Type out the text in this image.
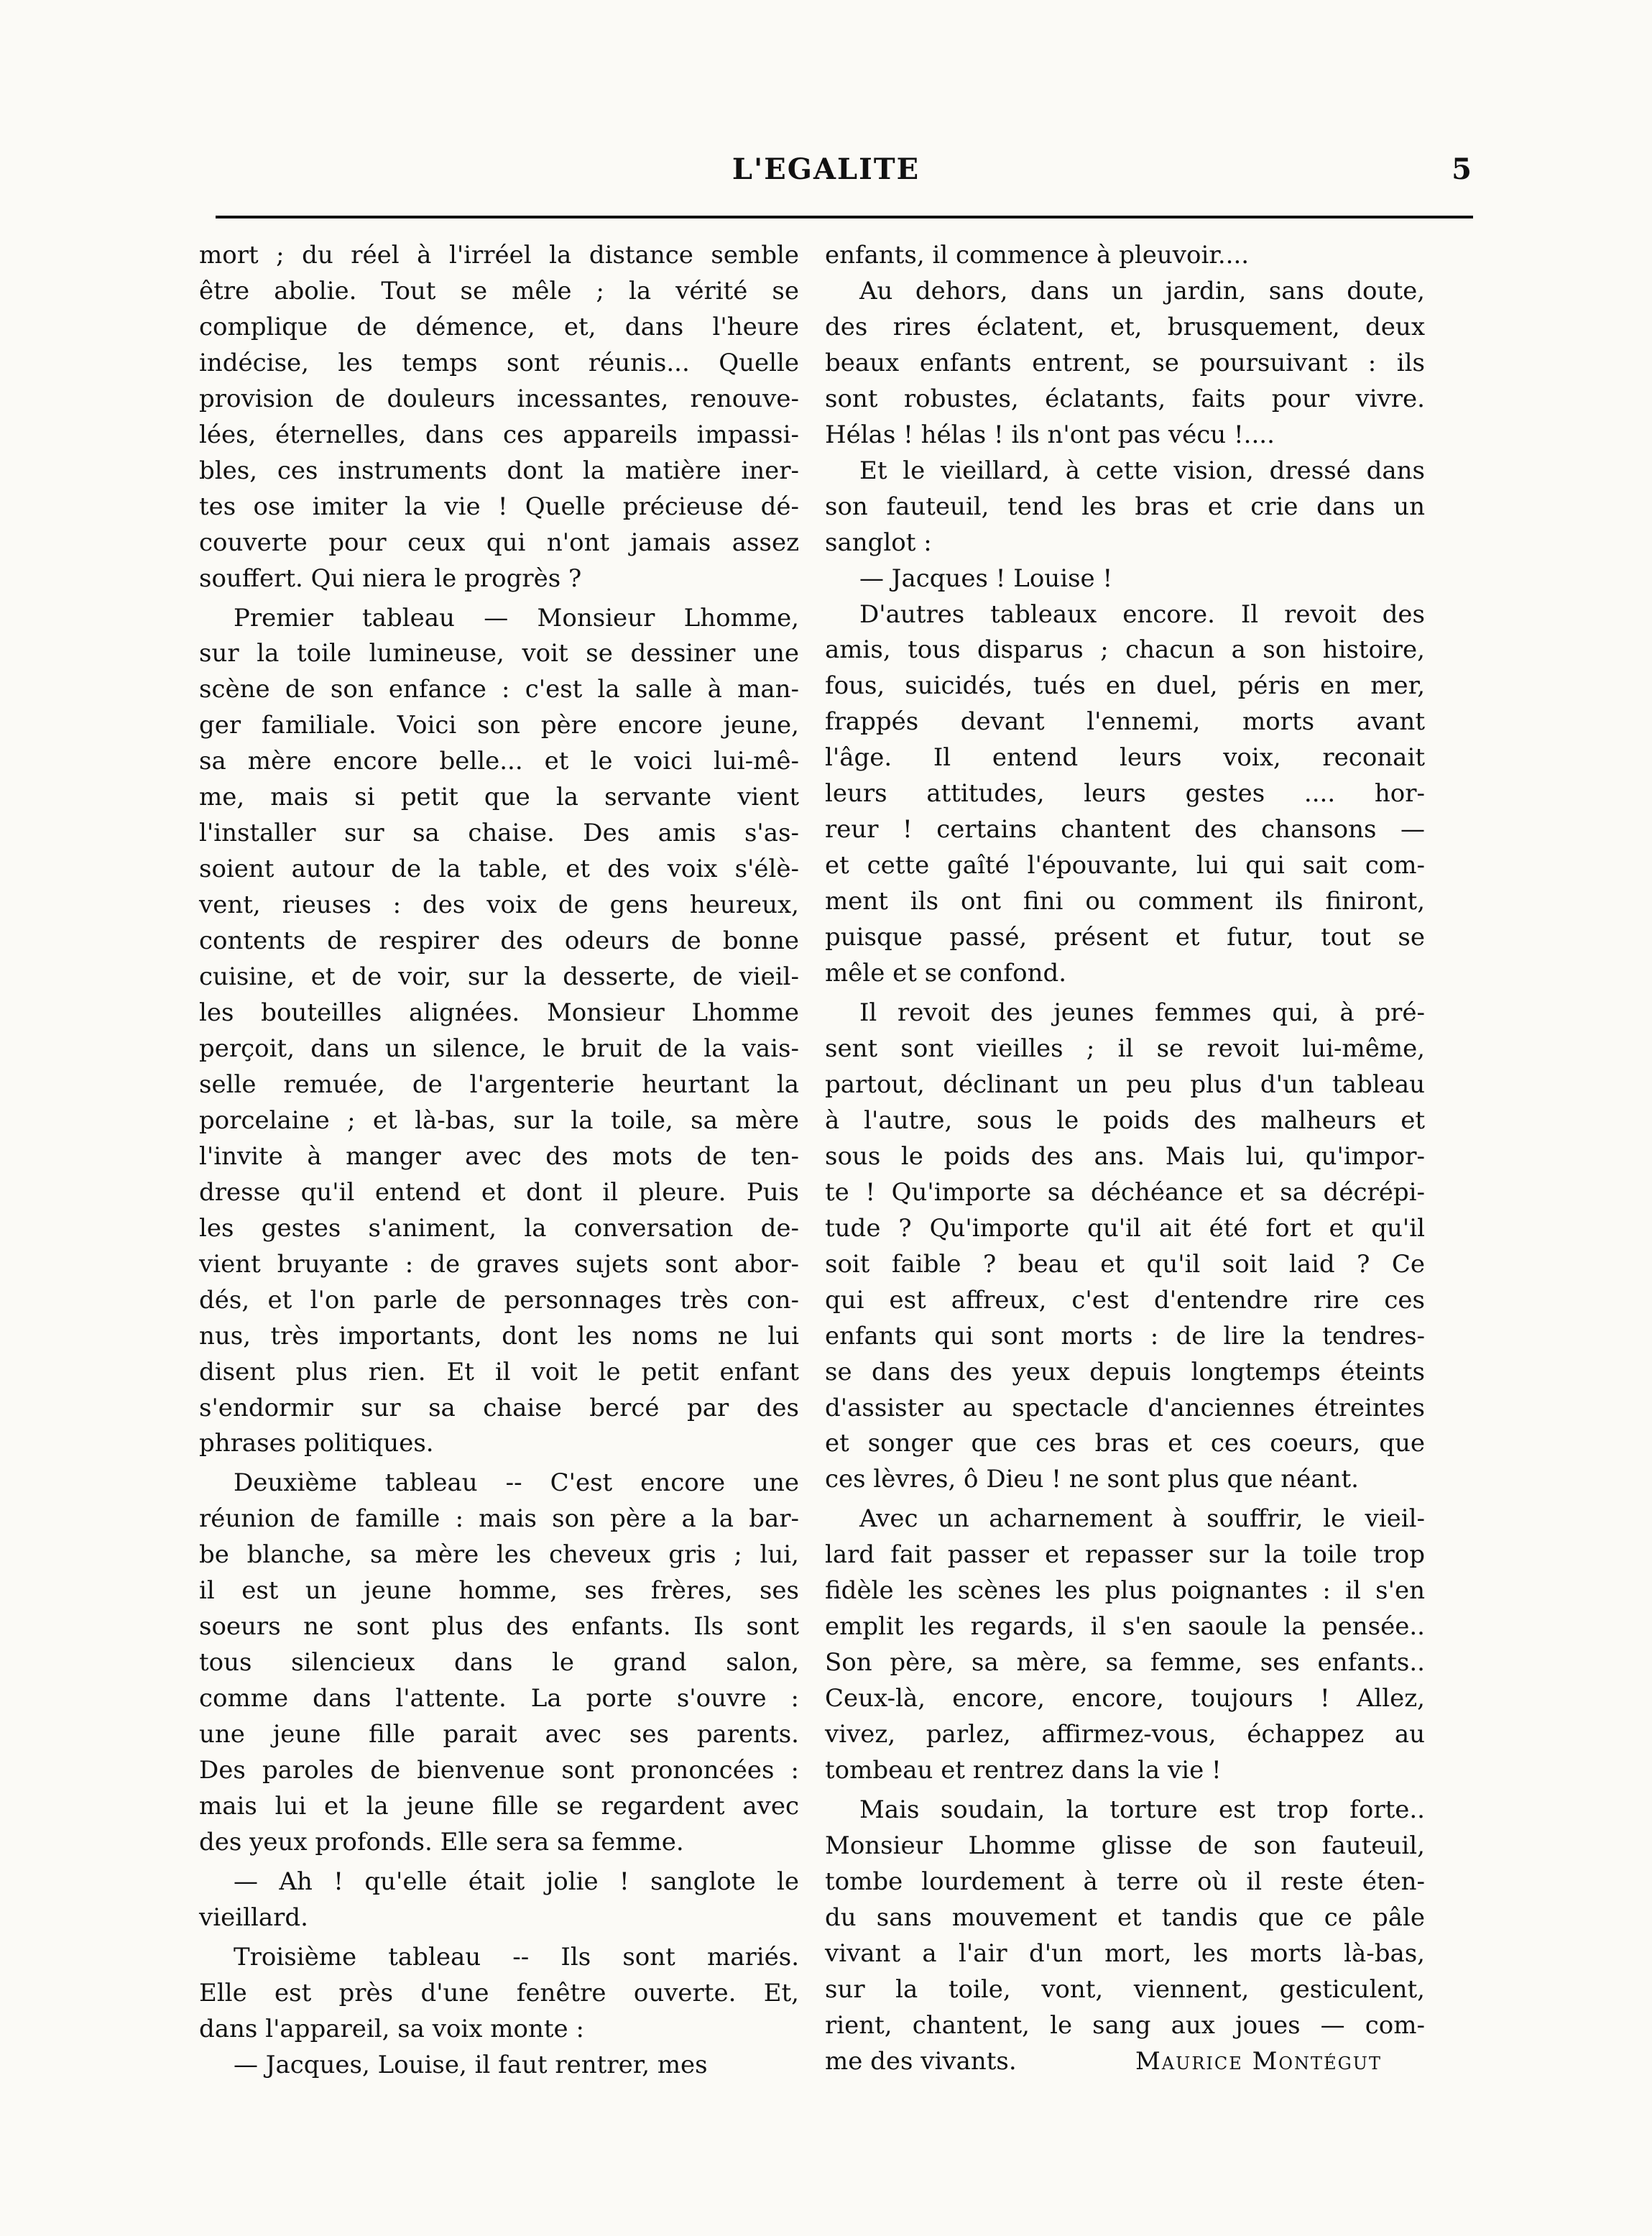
L'EGALITE	5
mort ; du réel à l'irréel la distance semble
être abolie. Tout se mêle ; la vérité se
complique de démence, et, dans l'heure
indécise, les temps sont réunis... Quelle
provision de douleurs incessantes, renouve-
lées, éternelles, dans ces appareils impassi-
bles, ces instruments dont la matière iner-
tes ose imiter la vie ! Quelle précieuse dé-
couverte pour ceux qui n'ont jamais assez
souffert. Qui niera le progrès ?
Premier tableau — Monsieur Lhomme,
sur la toile lumineuse, voit se dessiner une
scène de son enfance : c'est la salle à man-
ger familiale. Voici son père encore jeune,
sa mère encore belle... et le voici lui-mê-
me, mais si petit que la servante vient
l'installer sur sa chaise. Des amis s'as-
soient autour de la table, et des voix s'élè-
vent, rieuses : des voix de gens heureux,
contents de respirer des odeurs de bonne
cuisine, et de voir, sur la desserte, de vieil-
les bouteilles alignées. Monsieur Lhomme
perçoit, dans un silence, le bruit de la vais-
selle remuée, de l'argenterie heurtant la
porcelaine ; et là-bas, sur la toile, sa mère
l'invite à manger avec des mots de ten-
dresse qu'il entend et dont il pleure. Puis
les gestes s'animent, la conversation de-
vient bruyante : de graves sujets sont abor-
dés, et l'on parle de personnages très con-
nus, très importants, dont les noms ne lui
disent plus rien. Et il voit le petit enfant
s'endormir sur sa chaise bercé par des
phrases politiques.
Deuxième tableau -- C'est encore une
réunion de famille : mais son père a la bar-
be blanche, sa mère les cheveux gris ; lui,
il est un jeune homme, ses frères, ses
soeurs ne sont plus des enfants. Ils sont
tous silencieux dans le grand salon,
comme dans l'attente. La porte s'ouvre :
une jeune fille parait avec ses parents.
Des paroles de bienvenue sont prononcées :
mais lui et la jeune fille se regardent avec
des yeux profonds. Elle sera sa femme.
— Ah ! qu'elle était jolie ! sanglote le
vieillard.
Troisième tableau -- Ils sont mariés.
Elle est près d'une fenêtre ouverte. Et,
dans l'appareil, sa voix monte :
— Jacques, Louise, il faut rentrer, mes
enfants, il commence à pleuvoir....
Au dehors, dans un jardin, sans doute,
des rires éclatent, et, brusquement, deux
beaux enfants entrent, se poursuivant : ils
sont robustes, éclatants, faits pour vivre.
Hélas ! hélas ! ils n'ont pas vécu !....
Et le vieillard, à cette vision, dressé dans
son fauteuil, tend les bras et crie dans un
sanglot :
— Jacques ! Louise !
D'autres tableaux encore. Il revoit des
amis, tous disparus ; chacun a son histoire,
fous, suicidés, tués en duel, péris en mer,
frappés devant l'ennemi, morts avant
l'âge. Il entend leurs voix, reconait
leurs attitudes, leurs gestes .... hor-
reur ! certains chantent des chansons —
et cette gaîté l'épouvante, lui qui sait com-
ment ils ont fini ou comment ils finiront,
puisque passé, présent et futur, tout se
mêle et se confond.
Il revoit des jeunes femmes qui, à pré-
sent sont vieilles ; il se revoit lui-même,
partout, déclinant un peu plus d'un tableau
à l'autre, sous le poids des malheurs et
sous le poids des ans. Mais lui, qu'impor-
te ! Qu'importe sa déchéance et sa décrépi-
tude ? Qu'importe qu'il ait été fort et qu'il
soit faible ? beau et qu'il soit laid ? Ce
qui est affreux, c'est d'entendre rire ces
enfants qui sont morts : de lire la tendres-
se dans des yeux depuis longtemps éteints
d'assister au spectacle d'anciennes étreintes
et songer que ces bras et ces coeurs, que
ces lèvres, ô Dieu ! ne sont plus que néant.
Avec un acharnement à souffrir, le vieil-
lard fait passer et repasser sur la toile trop
fidèle les scènes les plus poignantes : il s'en
emplit les regards, il s'en saoule la pensée..
Son père, sa mère, sa femme, ses enfants..
Ceux-là, encore, encore, toujours ! Allez,
vivez, parlez, affirmez-vous, échappez au
tombeau et rentrez dans la vie !
Mais soudain, la torture est trop forte..
Monsieur Lhomme glisse de son fauteuil,
tombe lourdement à terre où il reste éten-
du sans mouvement et tandis que ce pâle
vivant a l'air d'un mort, les morts là-bas,
sur la toile, vont, viennent, gesticulent,
rient, chantent, le sang aux joues — com-
me des vivants.	Maurice Montégut
